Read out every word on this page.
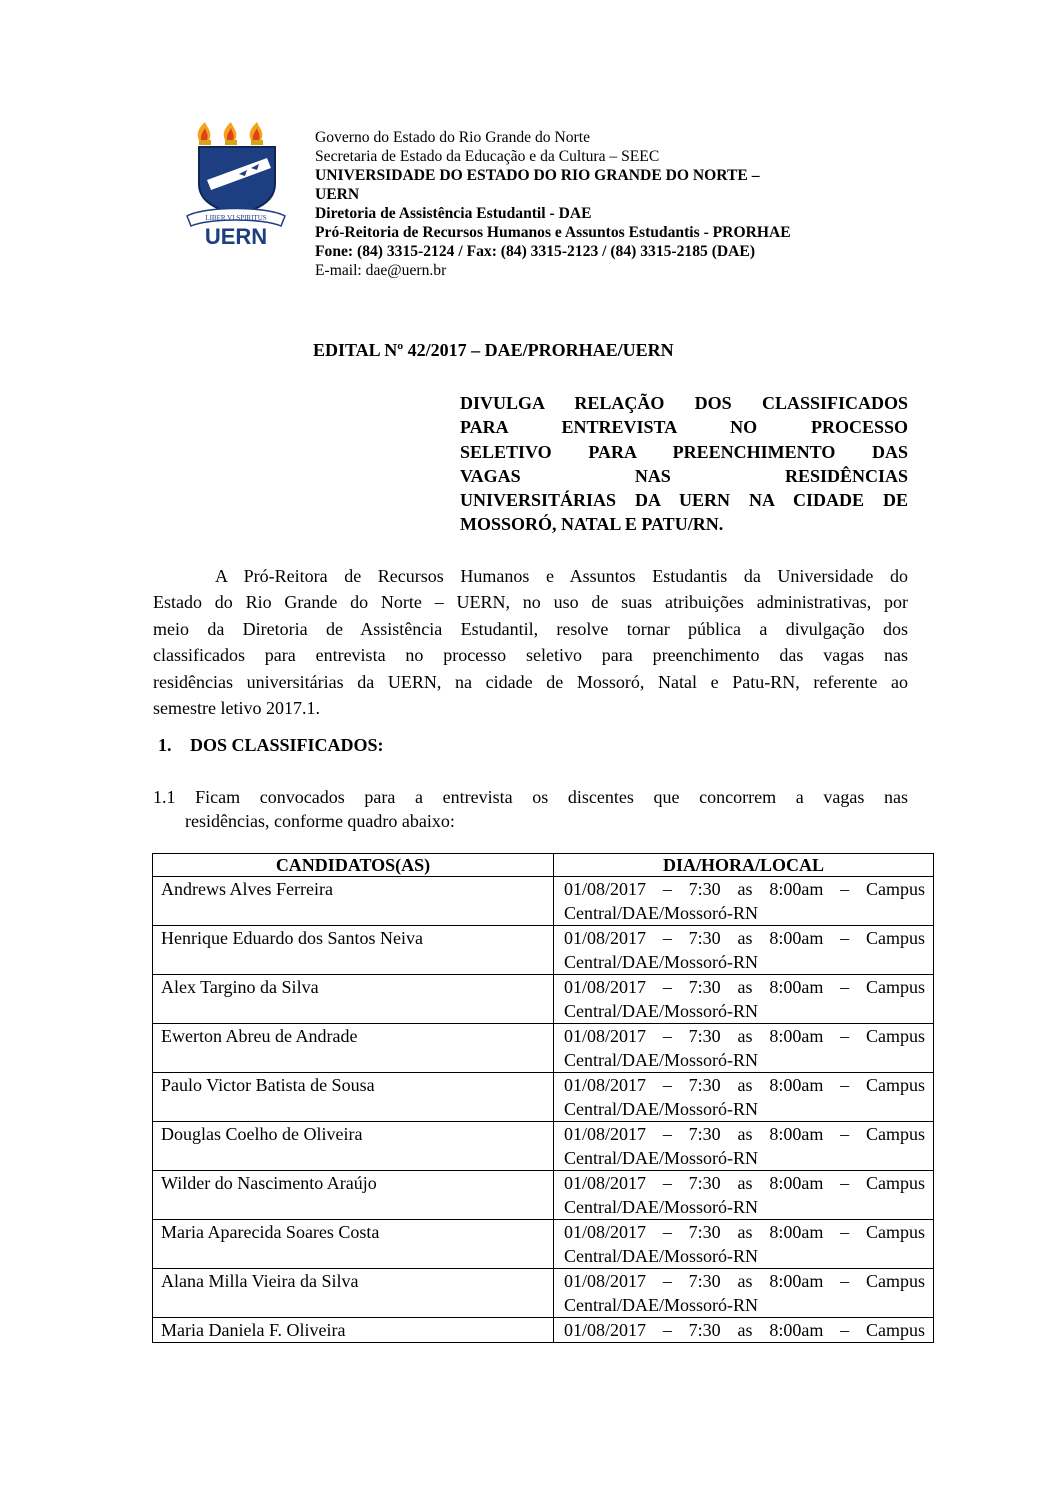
LIBER VI SPIRITUS
UERN
Governo do Estado do Rio Grande do Norte
Secretaria de Estado da Educação e da Cultura – SEEC
UNIVERSIDADE DO ESTADO DO RIO GRANDE DO NORTE –
UERN
Diretoria de Assistência Estudantil - DAE
Pró-Reitoria de Recursos Humanos e Assuntos Estudantis - PRORHAE
Fone: (84) 3315-2124 / Fax: (84) 3315-2123 / (84) 3315-2185 (DAE)
E-mail: dae@uern.br
EDITAL Nº 42/2017 – DAE/PRORHAE/UERN
DIVULGA RELAÇÃO DOS CLASSIFICADOS
PARA ENTREVISTA NO PROCESSO
SELETIVO PARA PREENCHIMENTO DAS
VAGAS NAS RESIDÊNCIAS
UNIVERSITÁRIAS DA UERN NA CIDADE DE
MOSSORÓ, NATAL E PATU/RN.
A Pró-Reitora de Recursos Humanos e Assuntos Estudantis da Universidade do
Estado do Rio Grande do Norte – UERN, no uso de suas atribuições administrativas, por
meio da Diretoria de Assistência Estudantil, resolve tornar pública a divulgação dos
classificados para entrevista no processo seletivo para preenchimento das vagas nas
residências universitárias da UERN, na cidade de Mossoró, Natal e Patu-RN, referente ao
semestre letivo 2017.1.
1. DOS CLASSIFICADOS:
1.1 Ficam convocados para a entrevista os discentes que concorrem a vagas nas
residências, conforme quadro abaixo:
CANDIDATOS(AS)	DIA/HORA/LOCAL
Andrews Alves Ferreira	01/08/2017 – 7:30 as 8:00am – Campus
Central/DAE/Mossoró-RN

Henrique Eduardo dos Santos Neiva	01/08/2017 – 7:30 as 8:00am – Campus
Central/DAE/Mossoró-RN

Alex Targino da Silva	01/08/2017 – 7:30 as 8:00am – Campus
Central/DAE/Mossoró-RN

Ewerton Abreu de Andrade	01/08/2017 – 7:30 as 8:00am – Campus
Central/DAE/Mossoró-RN

Paulo Victor Batista de Sousa	01/08/2017 – 7:30 as 8:00am – Campus
Central/DAE/Mossoró-RN

Douglas Coelho de Oliveira	01/08/2017 – 7:30 as 8:00am – Campus
Central/DAE/Mossoró-RN

Wilder do Nascimento Araújo	01/08/2017 – 7:30 as 8:00am – Campus
Central/DAE/Mossoró-RN

Maria Aparecida Soares Costa	01/08/2017 – 7:30 as 8:00am – Campus
Central/DAE/Mossoró-RN

Alana Milla Vieira da Silva	01/08/2017 – 7:30 as 8:00am – Campus
Central/DAE/Mossoró-RN

Maria Daniela F. Oliveira	01/08/2017 – 7:30 as 8:00am – Campus
